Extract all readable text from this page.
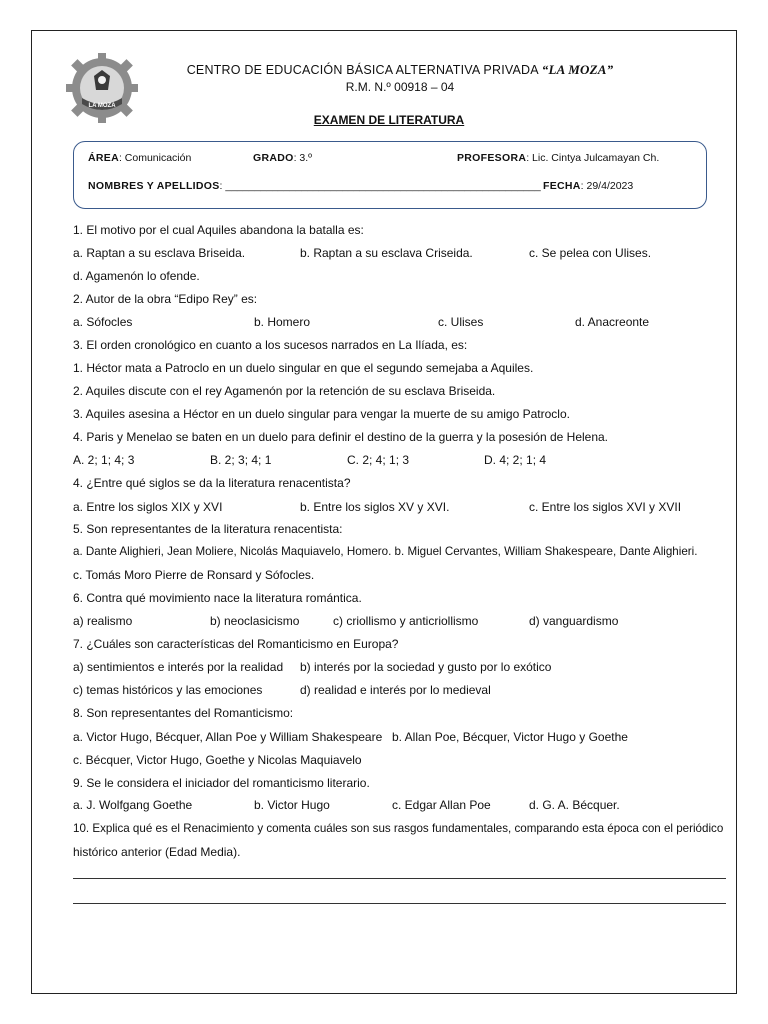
LA MOZA
CENTRO DE EDUCACIÓN BÁSICA ALTERNATIVA PRIVADA “LA MOZA”
R.M. N.º 00918 – 04
EXAMEN DE LITERATURA
ÁREA: Comunicación	GRADO: 3.º	PROFESORA: Lic. Cintya Julcamayan Ch.
NOMBRES Y APELLIDOS: ______________________________________________________ FECHA: 29/4/2023
1. El motivo por el cual Aquiles abandona la batalla es:
a. Raptan a su esclava Briseida.	b. Raptan a su esclava Criseida.	c. Se pelea con Ulises.
d. Agamenón lo ofende.
2. Autor de la obra “Edipo Rey” es:
a. Sófocles	b. Homero	c. Ulises	d. Anacreonte
3. El orden cronológico en cuanto a los sucesos narrados en La Ilíada, es:
1. Héctor mata a Patroclo en un duelo singular en que el segundo semejaba a Aquiles.
2. Aquiles discute con el rey Agamenón por la retención de su esclava Briseida.
3. Aquiles asesina a Héctor en un duelo singular para vengar la muerte de su amigo Patroclo.
4. Paris y Menelao se baten en un duelo para definir el destino de la guerra y la posesión de Helena.
A. 2; 1; 4; 3	B. 2; 3; 4; 1	C. 2; 4; 1; 3	D. 4; 2; 1; 4
4. ¿Entre qué siglos se da la literatura renacentista?
a. Entre los siglos XIX y XVI	b. Entre los siglos XV y XVI.	c. Entre los siglos XVI y XVII
5. Son representantes de la literatura renacentista:
a. Dante Alighieri, Jean Moliere, Nicolás Maquiavelo, Homero. b. Miguel Cervantes, William Shakespeare, Dante Alighieri.
c. Tomás Moro Pierre de Ronsard y Sófocles.
6. Contra qué movimiento nace la literatura romántica.
a) realismo	b) neoclasicismo	c) criollismo y anticriollismo	d) vanguardismo
7. ¿Cuáles son características del Romanticismo en Europa?
a) sentimientos e interés por la realidad b) interés por la sociedad y gusto por lo exótico
c) temas históricos y las emociones	d) realidad e interés por lo medieval
8. Son representantes del Romanticismo:
a. Victor Hugo, Bécquer, Allan Poe y William Shakespeare b. Allan Poe, Bécquer, Victor Hugo y Goethe
c. Bécquer, Victor Hugo, Goethe y Nicolas Maquiavelo
9. Se le considera el iniciador del romanticismo literario.
a. J. Wolfgang Goethe	b. Victor Hugo	c. Edgar Allan Poe	d. G. A. Bécquer.
10. Explica qué es el Renacimiento y comenta cuáles son sus rasgos fundamentales, comparando esta época con el periódico
histórico anterior (Edad Media).
